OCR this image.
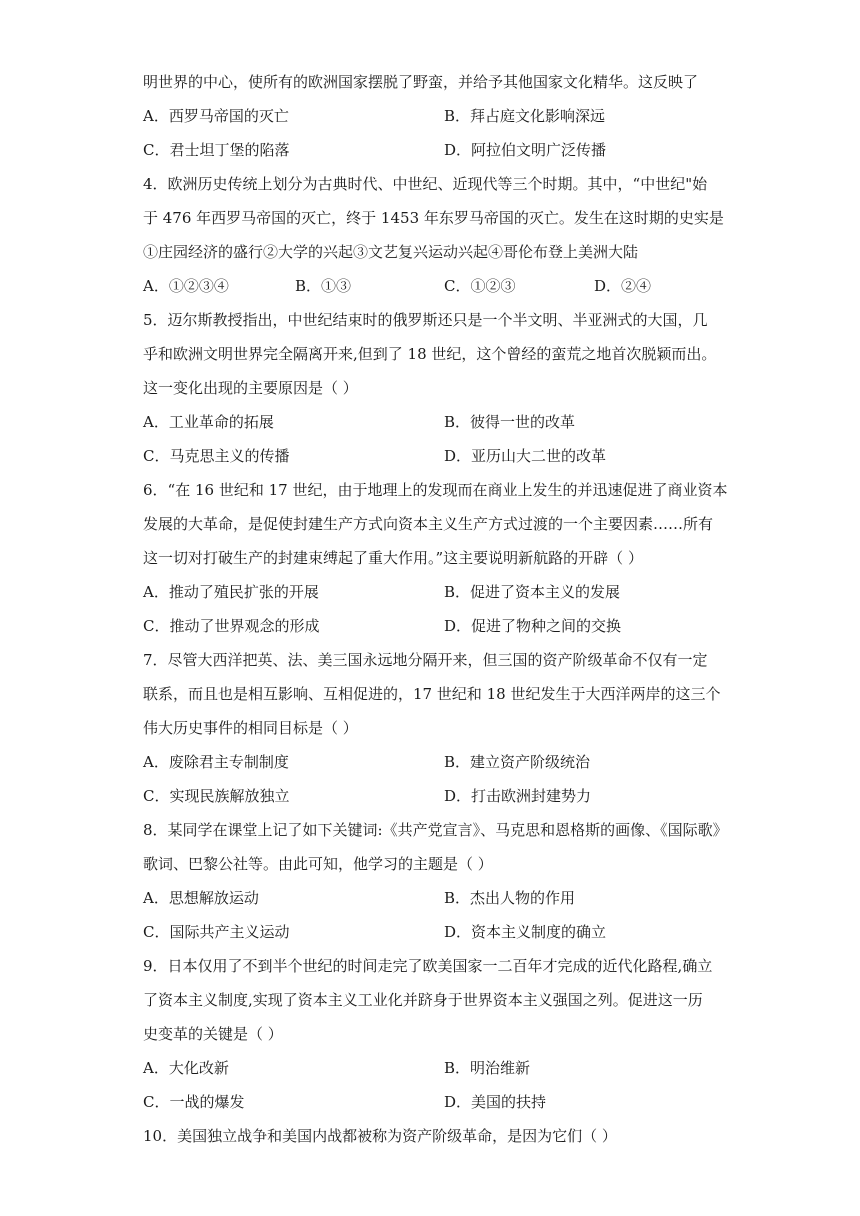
明世界的中心，使所有的欧洲国家摆脱了野蛮，并给予其他国家文化精华。这反映了
A．西罗马帝国的灭亡	B．拜占庭文化影响深远
C．君士坦丁堡的陷落	D．阿拉伯文明广泛传播
4．欧洲历史传统上划分为古典时代、中世纪、近现代等三个时期。其中，“中世纪"始
于 476 年西罗马帝国的灭亡，终于 1453 年东罗马帝国的灭亡。发生在这时期的史实是
①庄园经济的盛行②大学的兴起③文艺复兴运动兴起④哥伦布登上美洲大陆
A．①②③④	B．①③	C．①②③	D．②④
5．迈尔斯教授指出，中世纪结束时的俄罗斯还只是一个半文明、半亚洲式的大国，几
乎和欧洲文明世界完全隔离开来,但到了 18 世纪，这个曾经的蛮荒之地首次脱颖而出。
这一变化出现的主要原因是（ ）
A．工业革命的拓展	B．彼得一世的改革
C．马克思主义的传播	D．亚历山大二世的改革
6．“在 16 世纪和 17 世纪，由于地理上的发现而在商业上发生的并迅速促进了商业资本
发展的大革命，是促使封建生产方式向资本主义生产方式过渡的一个主要因素……所有
这一切对打破生产的封建束缚起了重大作用。”这主要说明新航路的开辟（ ）
A．推动了殖民扩张的开展	B．促进了资本主义的发展
C．推动了世界观念的形成	D．促进了物种之间的交换
7．尽管大西洋把英、法、美三国永远地分隔开来，但三国的资产阶级革命不仅有一定
联系，而且也是相互影响、互相促进的，17 世纪和 18 世纪发生于大西洋两岸的这三个
伟大历史事件的相同目标是（ ）
A．废除君主专制制度	B．建立资产阶级统治
C．实现民族解放独立	D．打击欧洲封建势力
8．某同学在课堂上记了如下关键词:《共产党宣言》、马克思和恩格斯的画像、《国际歌》
歌词、巴黎公社等。由此可知，他学习的主题是（ ）
A．思想解放运动	B．杰出人物的作用
C．国际共产主义运动	D．资本主义制度的确立
9．日本仅用了不到半个世纪的时间走完了欧美国家一二百年才完成的近代化路程,确立
了资本主义制度,实现了资本主义工业化并跻身于世界资本主义强国之列。促进这一历
史变革的关键是（ ）
A．大化改新	B．明治维新
C．一战的爆发	D．美国的扶持
10．美国独立战争和美国内战都被称为资产阶级革命，是因为它们（ ）
